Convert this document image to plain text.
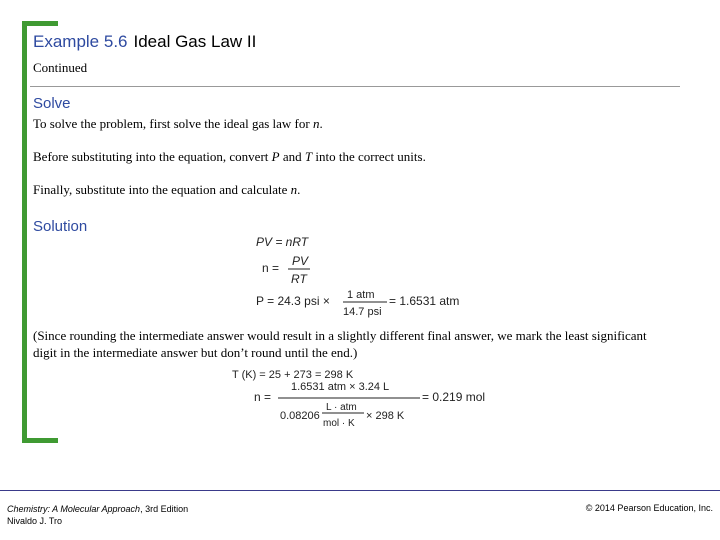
Example 5.6 Ideal Gas Law II
Continued
Solve
To solve the problem, first solve the ideal gas law for n.
Before substituting into the equation, convert P and T into the correct units.
Finally, substitute into the equation and calculate n.
Solution
PV = nRT
n = PV
RT
P = 24.3 psi × 1 atm
14.7 psi
= 1.6531 atm
T (K) = 25 + 273 = 298 K
n =
1.6531 atm × 3.24 L
0.08206
L · atm
mol · K
× 298 K
= 0.219 mol
(Since rounding the intermediate answer would result in a slightly different final answer, we mark the least significant digit in the intermediate answer but don’t round until the end.)
Chemistry: A Molecular Approach, 3rd Edition
Nivaldo J. Tro
© 2014 Pearson Education, Inc.
